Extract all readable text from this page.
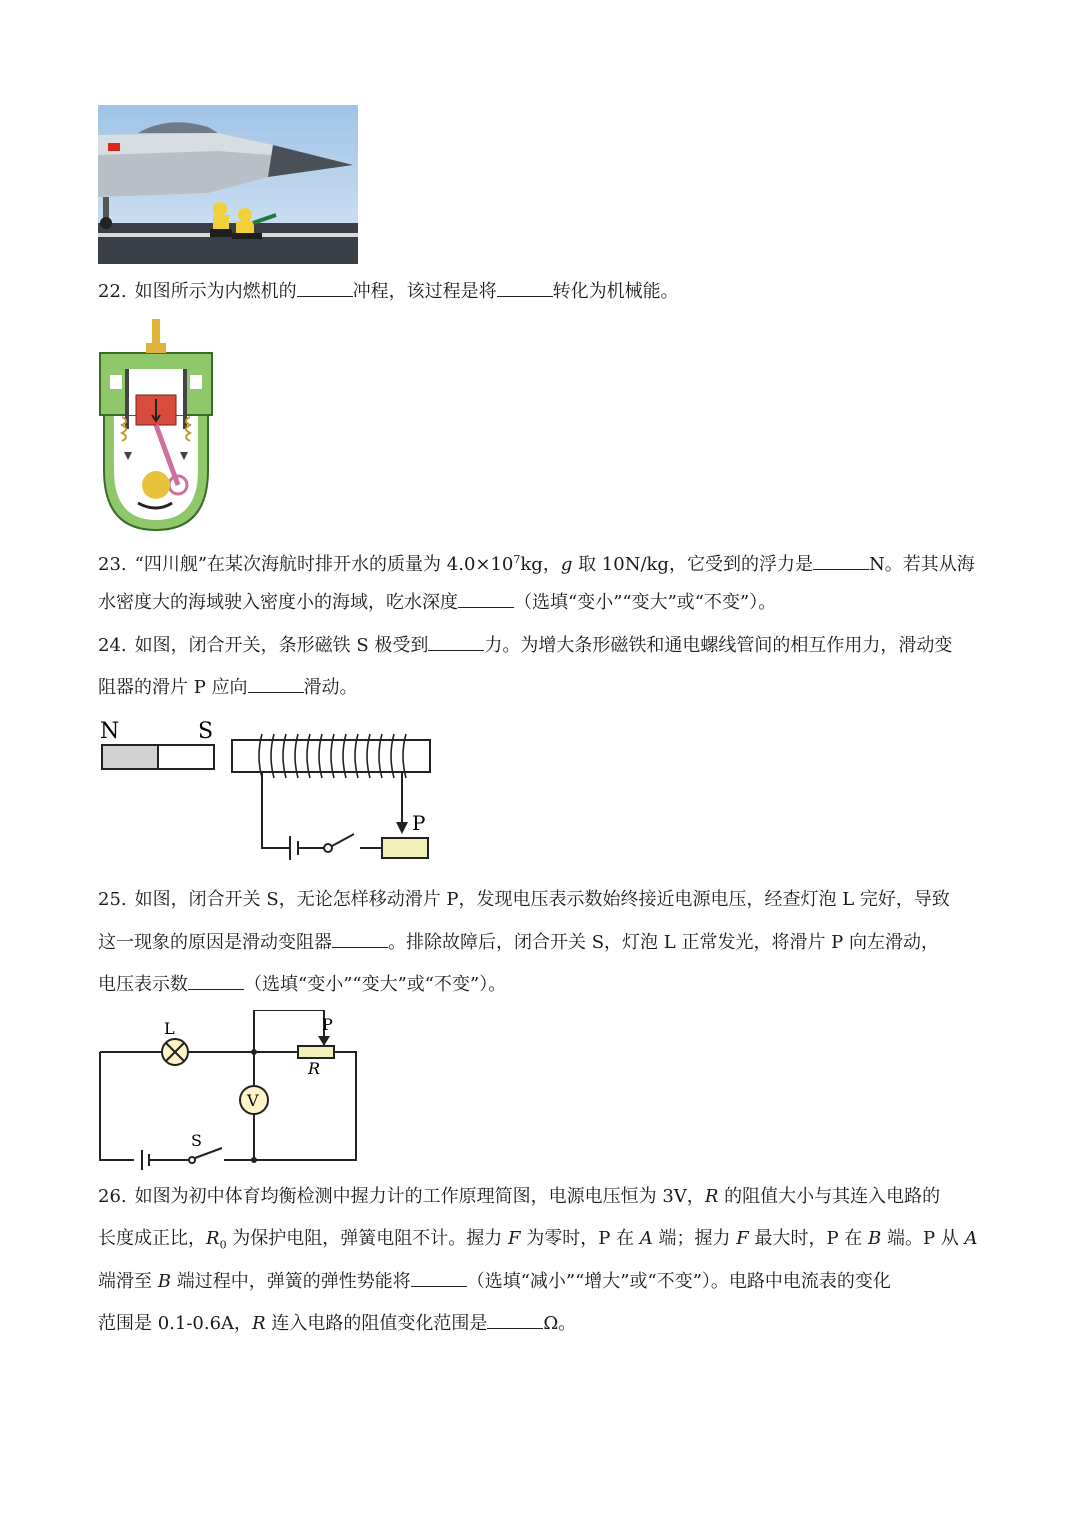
22. 如图所示为内燃机的	冲程，该过程是将	转化为机械能。
23. “四川舰”在某次海航时排开水的质量为 $4.0\times 10^7kg$，g 取 10N/kg，它受到的浮力是	N。若其从海
水密度大的海域驶入密度小的海域，吃水深度	（选填“变小”“变大”或“不变”）。
24. 如图，闭合开关，条形磁铁 S 极受到	力。为增大条形磁铁和通电螺线管间的相互作用力，滑动变
阻器的滑片 P 应向	滑动。
N	S
P
25. 如图，闭合开关 S，无论怎样移动滑片 P，发现电压表示数始终接近电源电压，经查灯泡 L 完好，导致
这一现象的原因是滑动变阻器	。排除故障后，闭合开关 S，灯泡 L 正常发光，将滑片 P 向左滑动，
电压表示数	（选填“变小”“变大”或“不变”）。
L	P
R
V
S
26. 如图为初中体育均衡检测中握力计的工作原理简图，电源电压恒为 3V，R 的阻值大小与其连入电路的
长度成正比，$R_0$ 为保护电阻，弹簧电阻不计。握力 F 为零时，P 在 A 端；握力 F 最大时，P 在 B 端。P 从 A
端滑至 B 端过程中，弹簧的弹性势能将	（选填“减小”“增大”或“不变”）。电路中电流表的变化
范围是 0.1-0.6A，R 连入电路的阻值变化范围是	Ω。
